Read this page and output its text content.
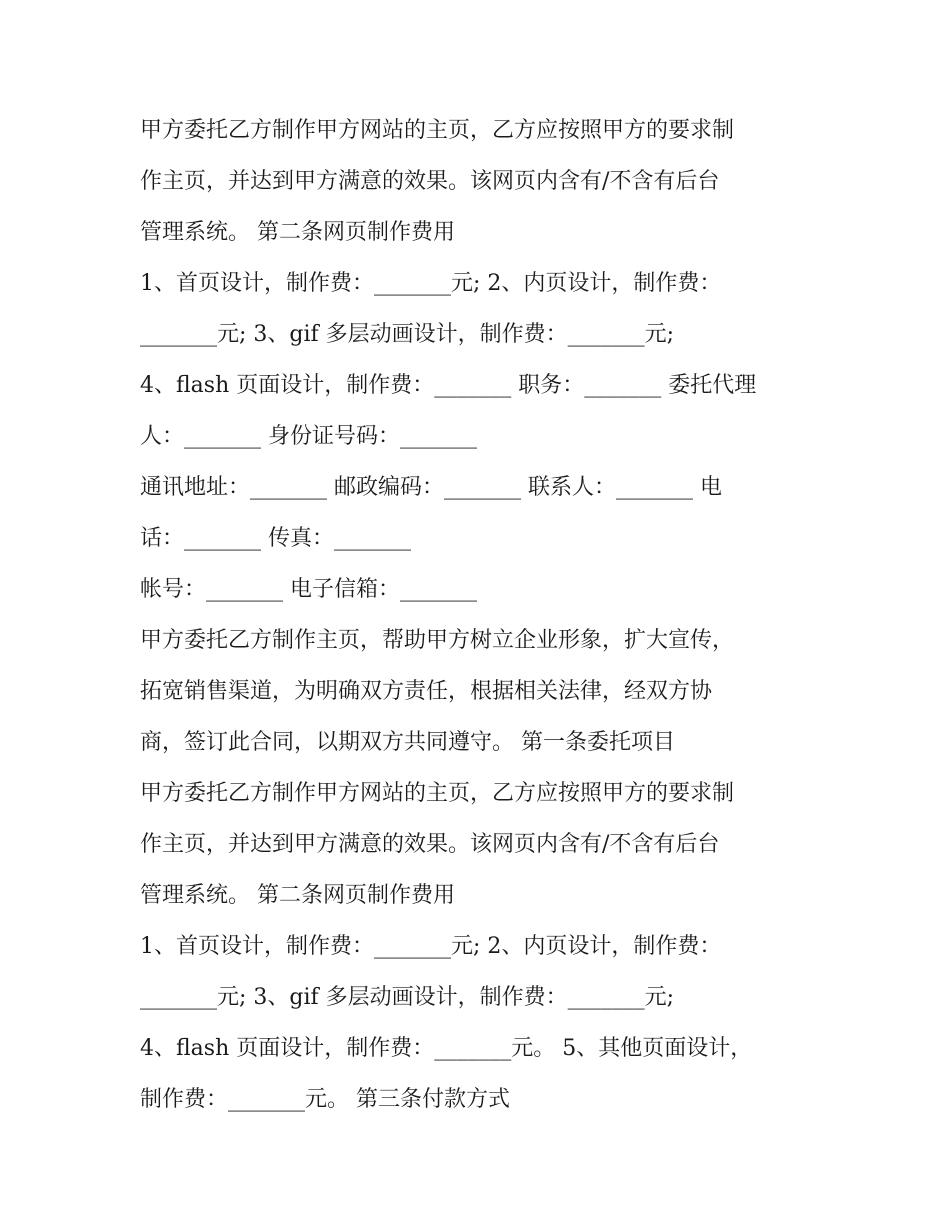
甲方委托乙方制作甲方网站的主页，乙方应按照甲方的要求制
作主页，并达到甲方满意的效果。该网页内含有/不含有后台
管理系统。 第二条网页制作费用
1、首页设计，制作费：_______元; 2、内页设计，制作费：
_______元; 3、gif 多层动画设计，制作费：_______元;
4、flash 页面设计，制作费：_______ 职务：_______ 委托代理
人：_______ 身份证号码：_______
通讯地址：_______ 邮政编码：_______ 联系人：_______ 电
话：_______ 传真：_______
帐号：_______ 电子信箱：_______
甲方委托乙方制作主页，帮助甲方树立企业形象，扩大宣传，
拓宽销售渠道，为明确双方责任，根据相关法律，经双方协
商，签订此合同，以期双方共同遵守。 第一条委托项目
甲方委托乙方制作甲方网站的主页，乙方应按照甲方的要求制
作主页，并达到甲方满意的效果。该网页内含有/不含有后台
管理系统。 第二条网页制作费用
1、首页设计，制作费：_______元; 2、内页设计，制作费：
_______元; 3、gif 多层动画设计，制作费：_______元;
4、flash 页面设计，制作费：_______元。 5、其他页面设计，
制作费：_______元。 第三条付款方式
